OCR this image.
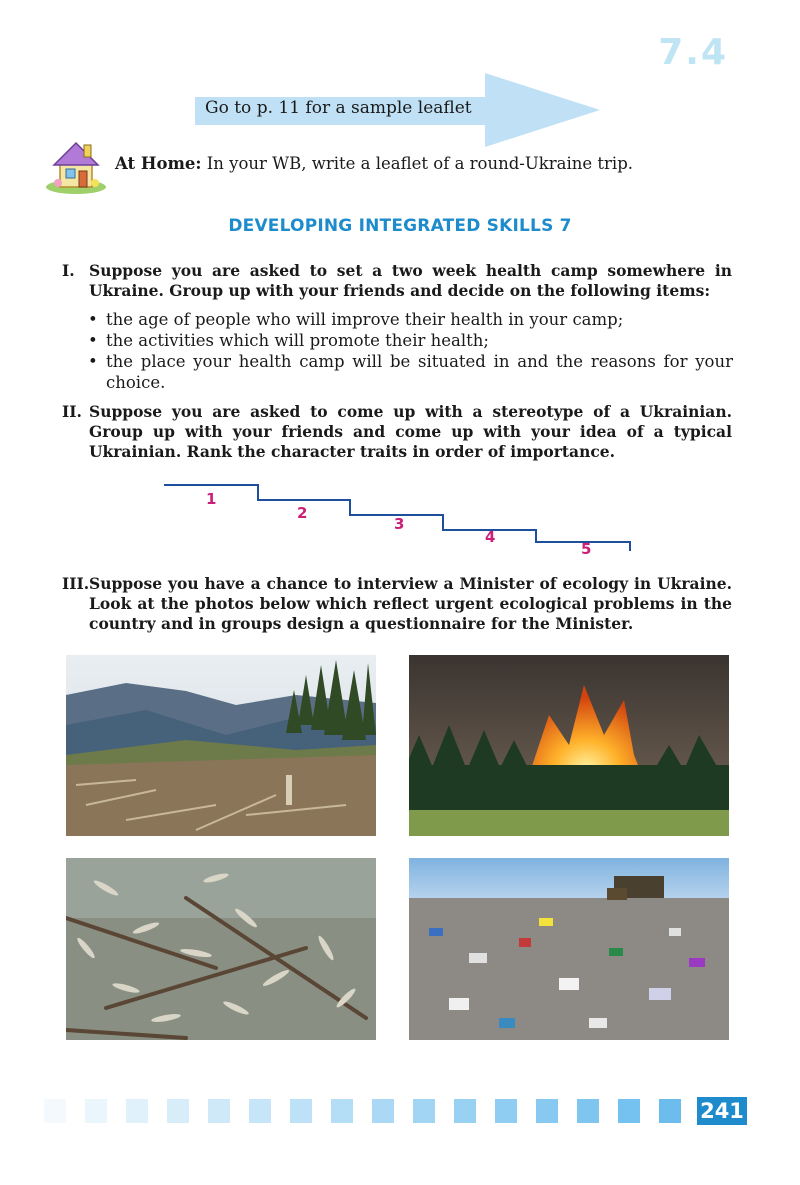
7.4
Go to p. 11 for a sample leaflet
At Home: In your WB, write a leaflet of a round-Ukraine trip.
DEVELOPING INTEGRATED SKILLS 7
I. Suppose you are asked to set a two week health camp somewhere in Ukraine. Group up with your friends and decide on the following items:
• the age of people who will improve their health in your camp;
• the activities which will promote their health;
• the place your health camp will be situated in and the reasons for your choice.
II. Suppose you are asked to come up with a stereotype of a Ukrainian. Group up with your friends and come up with your idea of a typical Ukrainian. Rank the character traits in order of importance.
1
2
3
4
5
III. Suppose you have a chance to interview a Minister of ecology in Ukraine. Look at the photos below which reflect urgent ecological problems in the country and in groups design a questionnaire for the Minister.
241
